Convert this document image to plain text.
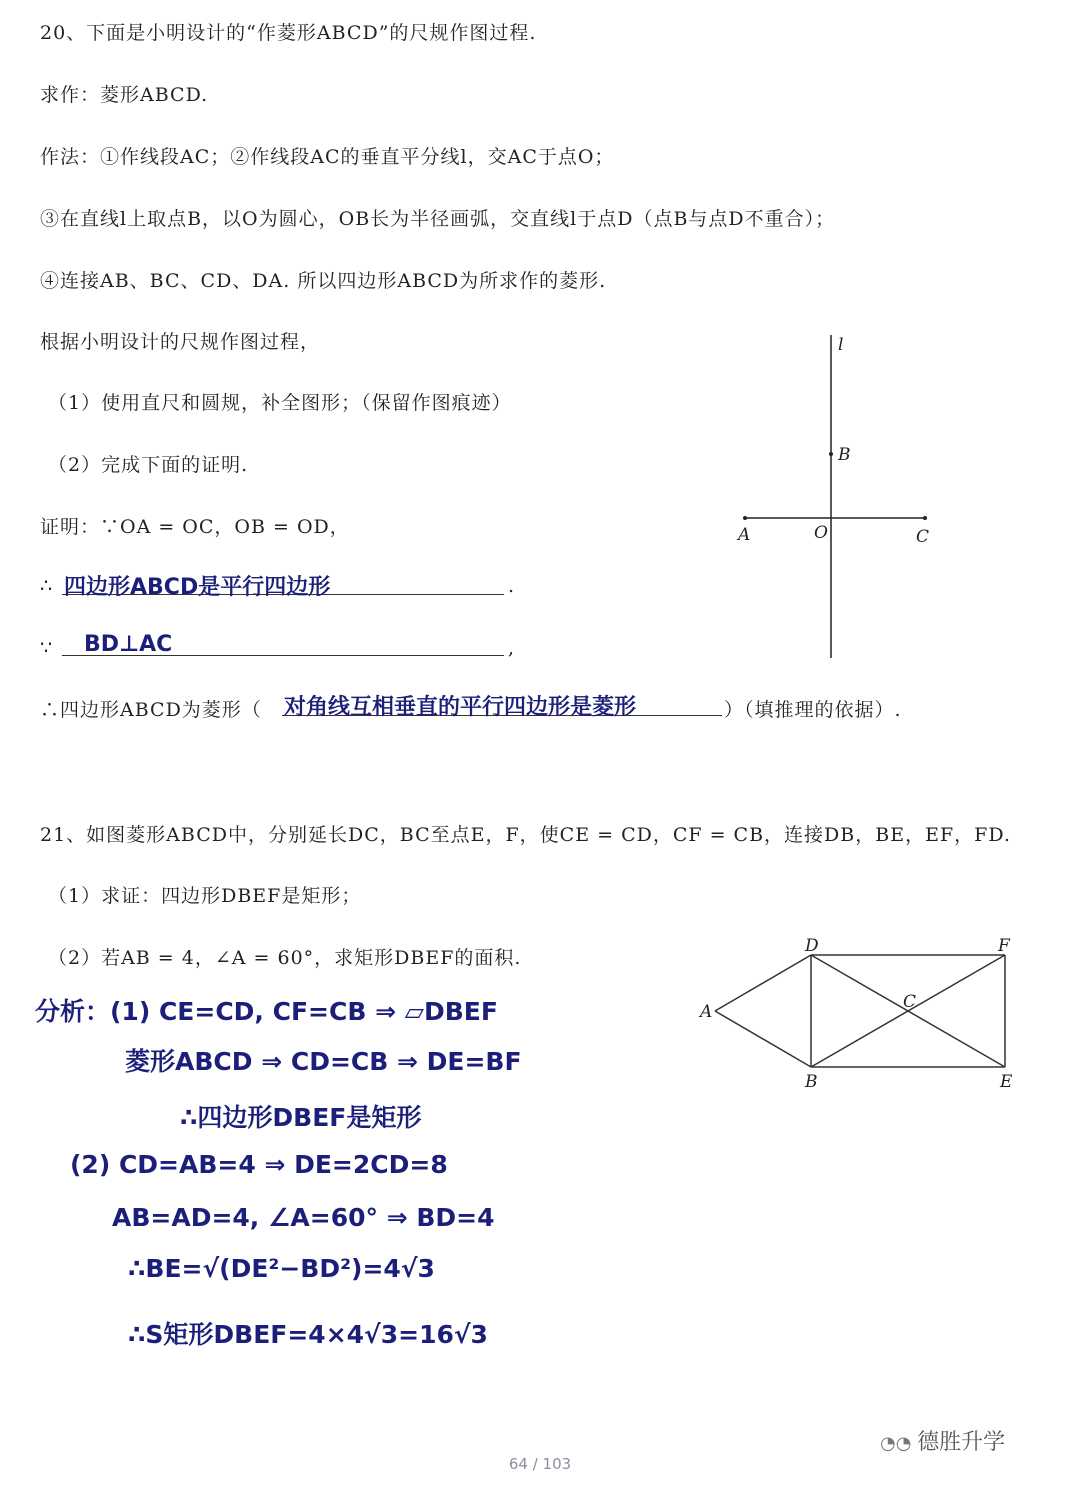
20、下面是小明设计的“作菱形ABCD”的尺规作图过程.
求作：菱形ABCD.
作法：①作线段AC；②作线段AC的垂直平分线l，交AC于点O；
③在直线l上取点B，以O为圆心，OB长为半径画弧，交直线l于点D（点B与点D不重合）；
④连接AB、BC、CD、DA. 所以四边形ABCD为所求作的菱形.
根据小明设计的尺规作图过程，
（1）使用直尺和圆规，补全图形；（保留作图痕迹）
（2）完成下面的证明.
证明：∵OA = OC，OB = OD，
∴ 四边形ABCD是平行四边形	.
∵ BD⊥AC	,
∴四边形ABCD为菱形（ 对角线互相垂直的平行四边形是菱形	）（填推理的依据）.
l
B
A	O	C
21、如图菱形ABCD中，分别延长DC，BC至点E，F，使CE = CD，CF = CB，连接DB，BE，EF，FD.
（1）求证：四边形DBEF是矩形；
（2）若AB = 4，∠A = 60°，求矩形DBEF的面积.
D	F
A	C
B	E
分析：(1) CE=CD, CF=CB ⇒ ▱DBEF
菱形ABCD ⇒ CD=CB ⇒ DE=BF
∴四边形DBEF是矩形
(2) CD=AB=4 ⇒ DE=2CD=8
AB=AD=4, ∠A=60° ⇒ BD=4
∴BE=√(DE²−BD²)=4√3
∴S矩形DBEF=4×4√3=16√3
◔◔ 德胜升学
64 / 103
